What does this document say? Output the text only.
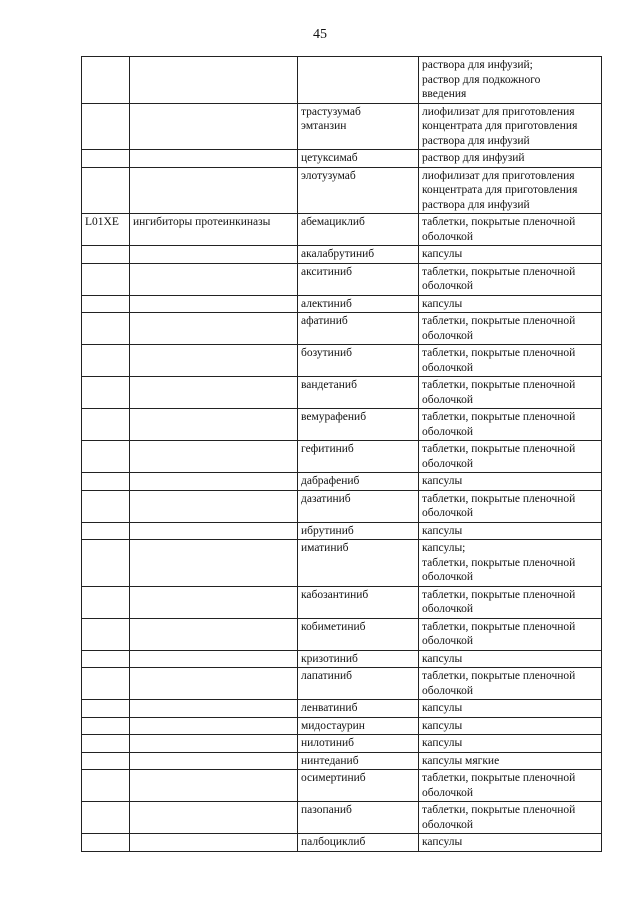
45
			раствора для инфузий;
раствор для подкожного
введения
		трастузумаб
эмтанзин	лиофилизат для приготовления
концентрата для приготовления
раствора для инфузий
		цетуксимаб	раствор для инфузий
		элотузумаб	лиофилизат для приготовления
концентрата для приготовления
раствора для инфузий
L01XE	ингибиторы протеинкиназы	абемациклиб	таблетки, покрытые пленочной
оболочкой
		акалабрутиниб	капсулы
		акситиниб	таблетки, покрытые пленочной
оболочкой
		алектиниб	капсулы
		афатиниб	таблетки, покрытые пленочной
оболочкой
		бозутиниб	таблетки, покрытые пленочной
оболочкой
		вандетаниб	таблетки, покрытые пленочной
оболочкой
		вемурафениб	таблетки, покрытые пленочной
оболочкой
		гефитиниб	таблетки, покрытые пленочной
оболочкой
		дабрафениб	капсулы
		дазатиниб	таблетки, покрытые пленочной
оболочкой
		ибрутиниб	капсулы
		иматиниб	капсулы;
таблетки, покрытые пленочной
оболочкой
		кабозантиниб	таблетки, покрытые пленочной
оболочкой
		кобиметиниб	таблетки, покрытые пленочной
оболочкой
		кризотиниб	капсулы
		лапатиниб	таблетки, покрытые пленочной
оболочкой
		ленватиниб	капсулы
		мидостаурин	капсулы
		нилотиниб	капсулы
		нинтеданиб	капсулы мягкие
		осимертиниб	таблетки, покрытые пленочной
оболочкой
		пазопаниб	таблетки, покрытые пленочной
оболочкой
		палбоциклиб	капсулы
